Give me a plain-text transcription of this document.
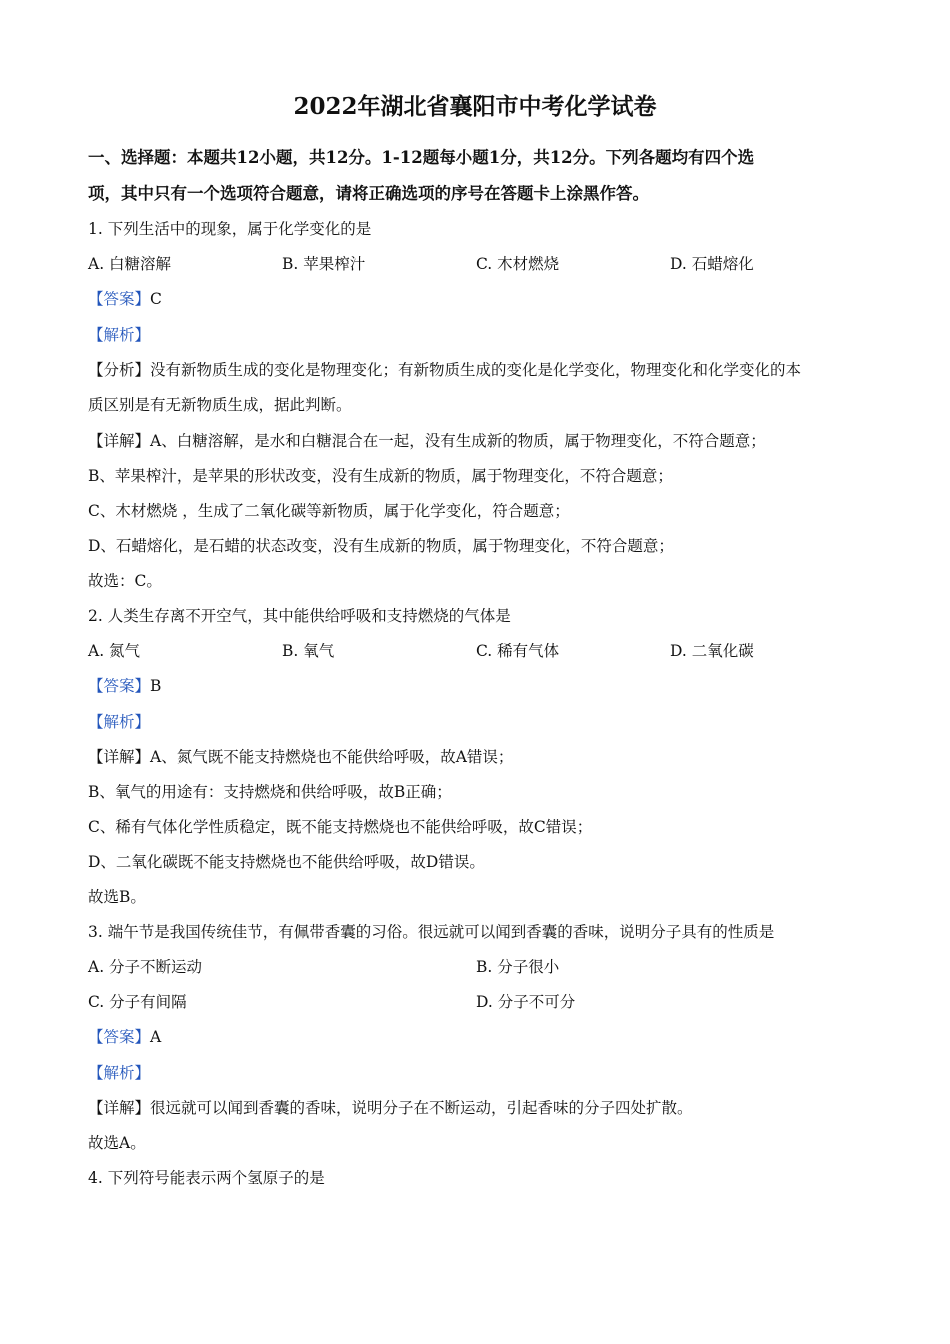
2022年湖北省襄阳市中考化学试卷
一、选择题：本题共12小题，共12分。1-12题每小题1分，共12分。下列各题均有四个选
项，其中只有一个选项符合题意，请将正确选项的序号在答题卡上涂黑作答。
1. 下列生活中的现象，属于化学变化的是
A. 白糖溶解	B. 苹果榨汁	C. 木材燃烧	D. 石蜡熔化
【答案】C
【解析】
【分析】没有新物质生成的变化是物理变化；有新物质生成的变化是化学变化，物理变化和化学变化的本
质区别是有无新物质生成，据此判断。
【详解】A、白糖溶解，是水和白糖混合在一起，没有生成新的物质，属于物理变化，不符合题意；
B、苹果榨汁，是苹果的形状改变，没有生成新的物质，属于物理变化，不符合题意；
C、木材燃烧 ，生成了二氧化碳等新物质，属于化学变化，符合题意；
D、石蜡熔化，是石蜡的状态改变，没有生成新的物质，属于物理变化，不符合题意；
故选：C。
2. 人类生存离不开空气，其中能供给呼吸和支持燃烧的气体是
A. 氮气	B. 氧气	C. 稀有气体	D. 二氧化碳
【答案】B
【解析】
【详解】A、氮气既不能支持燃烧也不能供给呼吸，故A错误；
B、氧气的用途有：支持燃烧和供给呼吸，故B正确；
C、稀有气体化学性质稳定，既不能支持燃烧也不能供给呼吸，故C错误；
D、二氧化碳既不能支持燃烧也不能供给呼吸，故D错误。
故选B。
3. 端午节是我国传统佳节，有佩带香囊的习俗。很远就可以闻到香囊的香味，说明分子具有的性质是
A. 分子不断运动	B. 分子很小
C. 分子有间隔	D. 分子不可分
【答案】A
【解析】
【详解】很远就可以闻到香囊的香味，说明分子在不断运动，引起香味的分子四处扩散。
故选A。
4. 下列符号能表示两个氢原子的是
